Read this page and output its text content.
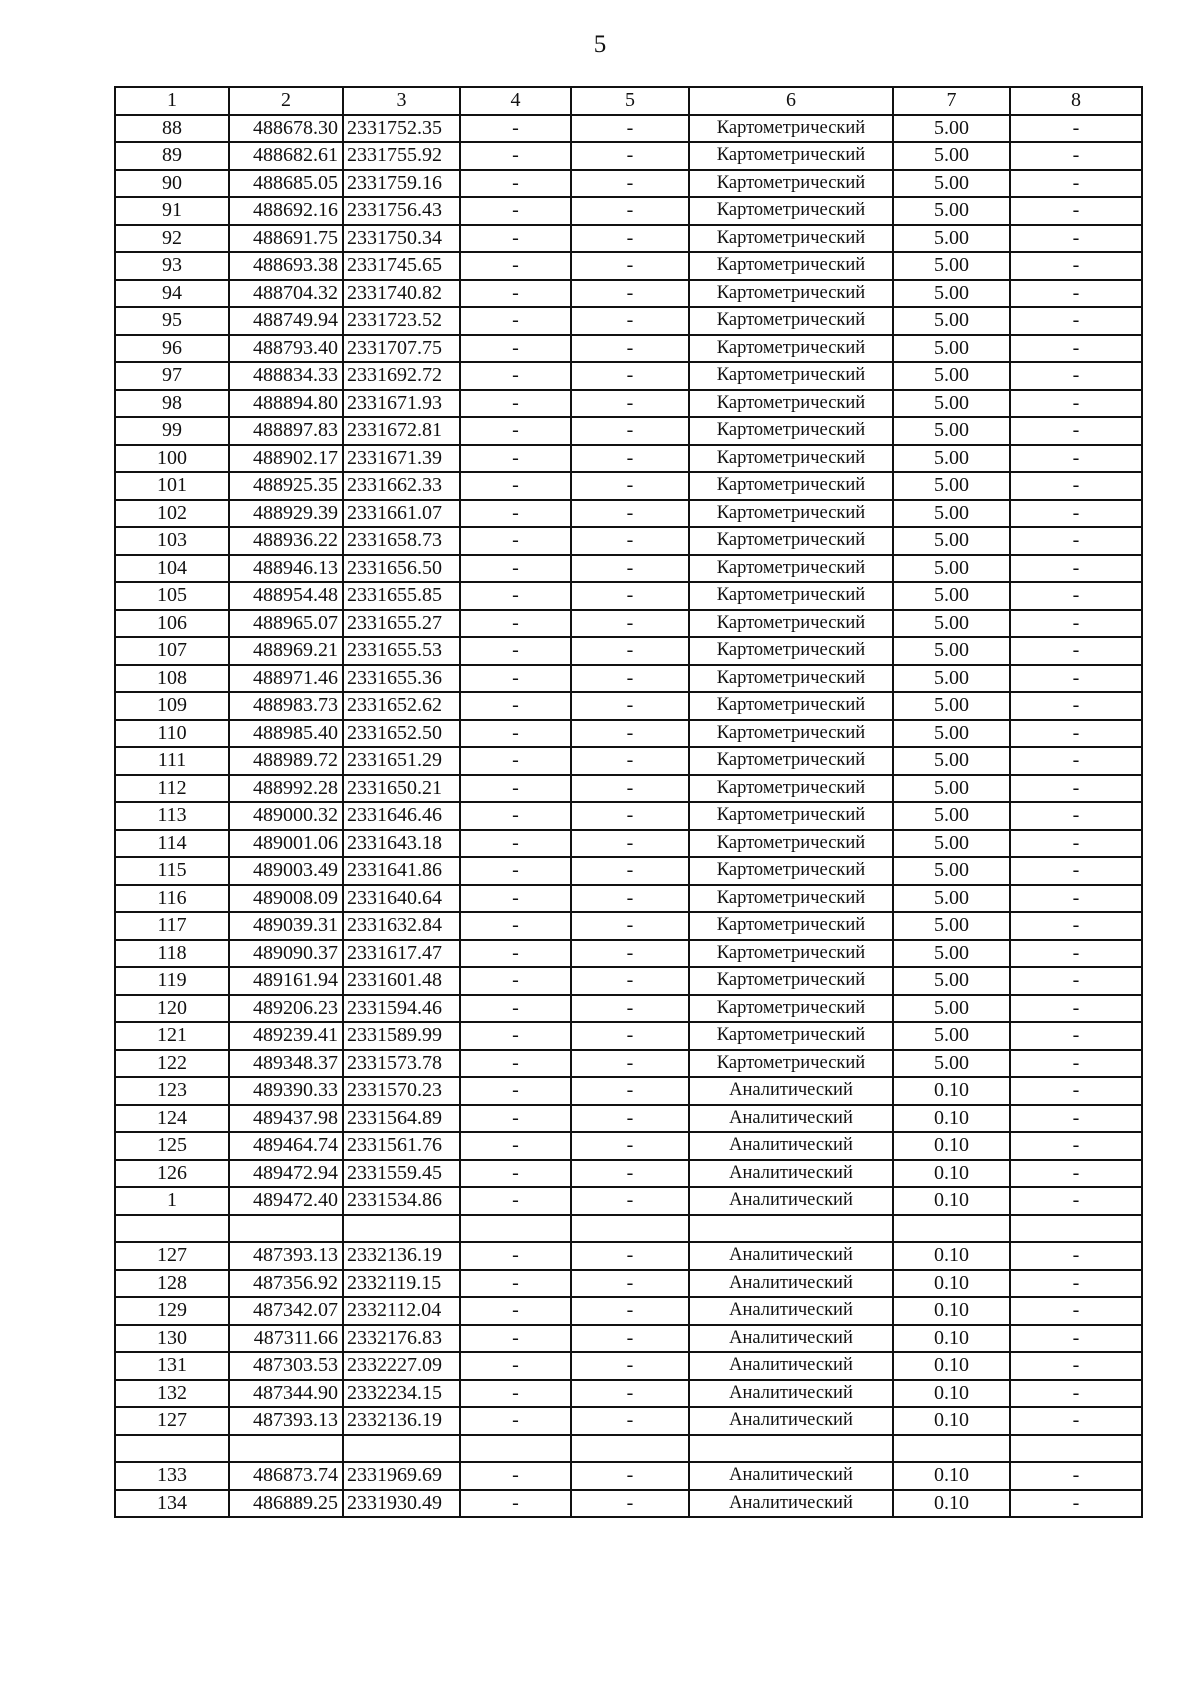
5
1	2	3	4	5	6	7	8
88	488678.30	2331752.35	-	-	Картометрический	5.00	-
89	488682.61	2331755.92	-	-	Картометрический	5.00	-
90	488685.05	2331759.16	-	-	Картометрический	5.00	-
91	488692.16	2331756.43	-	-	Картометрический	5.00	-
92	488691.75	2331750.34	-	-	Картометрический	5.00	-
93	488693.38	2331745.65	-	-	Картометрический	5.00	-
94	488704.32	2331740.82	-	-	Картометрический	5.00	-
95	488749.94	2331723.52	-	-	Картометрический	5.00	-
96	488793.40	2331707.75	-	-	Картометрический	5.00	-
97	488834.33	2331692.72	-	-	Картометрический	5.00	-
98	488894.80	2331671.93	-	-	Картометрический	5.00	-
99	488897.83	2331672.81	-	-	Картометрический	5.00	-
100	488902.17	2331671.39	-	-	Картометрический	5.00	-
101	488925.35	2331662.33	-	-	Картометрический	5.00	-
102	488929.39	2331661.07	-	-	Картометрический	5.00	-
103	488936.22	2331658.73	-	-	Картометрический	5.00	-
104	488946.13	2331656.50	-	-	Картометрический	5.00	-
105	488954.48	2331655.85	-	-	Картометрический	5.00	-
106	488965.07	2331655.27	-	-	Картометрический	5.00	-
107	488969.21	2331655.53	-	-	Картометрический	5.00	-
108	488971.46	2331655.36	-	-	Картометрический	5.00	-
109	488983.73	2331652.62	-	-	Картометрический	5.00	-
110	488985.40	2331652.50	-	-	Картометрический	5.00	-
111	488989.72	2331651.29	-	-	Картометрический	5.00	-
112	488992.28	2331650.21	-	-	Картометрический	5.00	-
113	489000.32	2331646.46	-	-	Картометрический	5.00	-
114	489001.06	2331643.18	-	-	Картометрический	5.00	-
115	489003.49	2331641.86	-	-	Картометрический	5.00	-
116	489008.09	2331640.64	-	-	Картометрический	5.00	-
117	489039.31	2331632.84	-	-	Картометрический	5.00	-
118	489090.37	2331617.47	-	-	Картометрический	5.00	-
119	489161.94	2331601.48	-	-	Картометрический	5.00	-
120	489206.23	2331594.46	-	-	Картометрический	5.00	-
121	489239.41	2331589.99	-	-	Картометрический	5.00	-
122	489348.37	2331573.78	-	-	Картометрический	5.00	-
123	489390.33	2331570.23	-	-	Аналитический	0.10	-
124	489437.98	2331564.89	-	-	Аналитический	0.10	-
125	489464.74	2331561.76	-	-	Аналитический	0.10	-
126	489472.94	2331559.45	-	-	Аналитический	0.10	-
1	489472.40	2331534.86	-	-	Аналитический	0.10	-

127	487393.13	2332136.19	-	-	Аналитический	0.10	-
128	487356.92	2332119.15	-	-	Аналитический	0.10	-
129	487342.07	2332112.04	-	-	Аналитический	0.10	-
130	487311.66	2332176.83	-	-	Аналитический	0.10	-
131	487303.53	2332227.09	-	-	Аналитический	0.10	-
132	487344.90	2332234.15	-	-	Аналитический	0.10	-
127	487393.13	2332136.19	-	-	Аналитический	0.10	-

133	486873.74	2331969.69	-	-	Аналитический	0.10	-
134	486889.25	2331930.49	-	-	Аналитический	0.10	-
